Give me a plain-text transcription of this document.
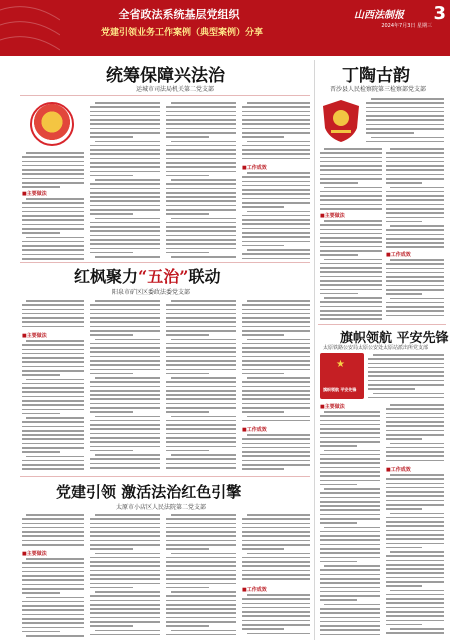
全省政法系统基层党组织
党建引领业务工作案例（典型案例）分享
山西法制报
2024年7月3日 星期三
3
统筹保障兴法治
运城市司法局机关第二党支部
■主要做法
■工作成效
丁陶古韵
晋沙县人民检察院第三检察部党支部
■主要做法
■工作成效
红枫聚力“五治”联动
阳泉市矿区区委政法委党支部
■主要做法
■工作成效
旗帜领航 平安先锋
太原铁路公安局太原公安处太原站派出所党支部
★
旗帜领航 平安先锋
■主要做法
■工作成效
党建引领 激活法治红色引擎
太原市小店区人民法院第二党支部
■主要做法
■工作成效
